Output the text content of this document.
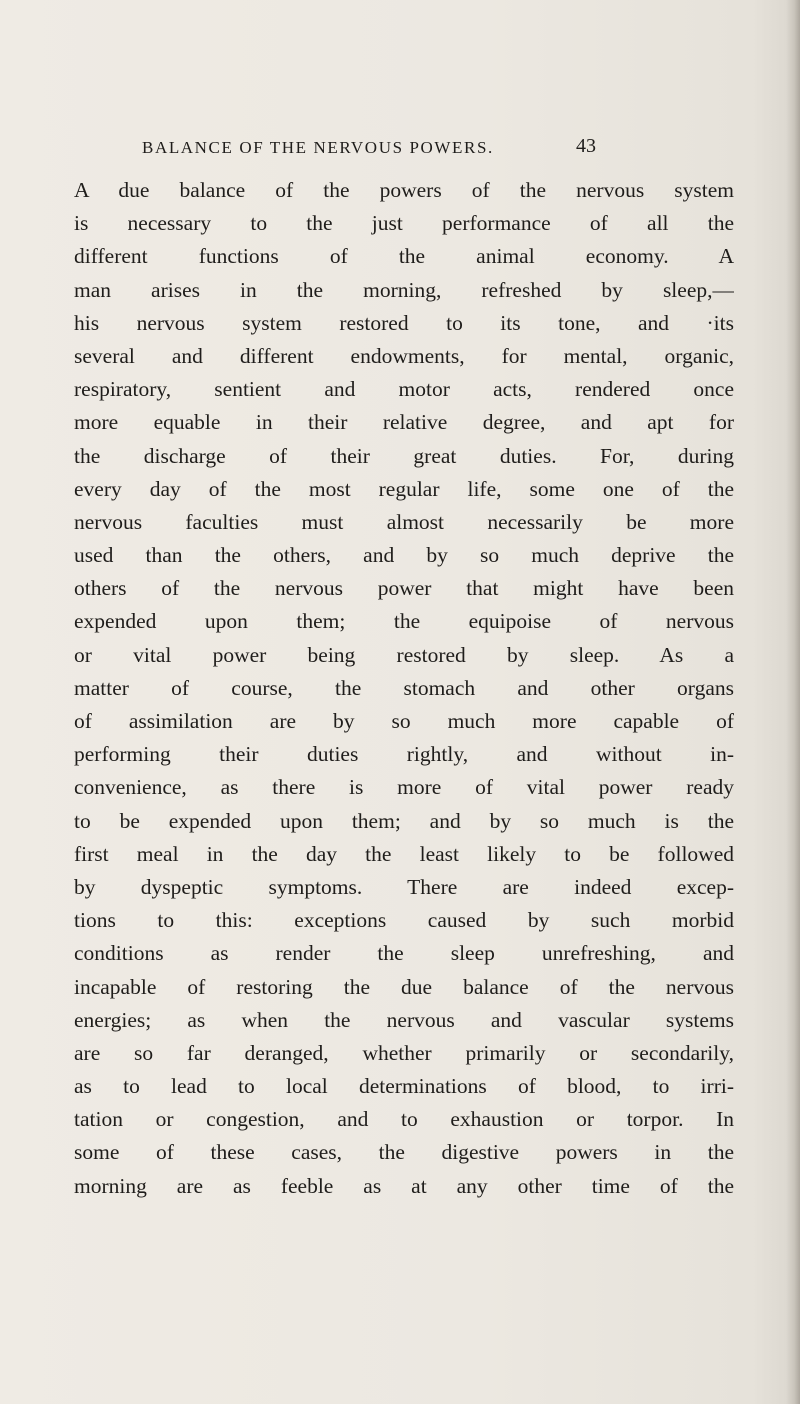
BALANCE OF THE NERVOUS POWERS.	43
A due balance of the powers of the nervous system
is necessary to the just performance of all the
different functions of the animal economy. A
man arises in the morning, refreshed by sleep,—
his nervous system restored to its tone, and ·its
several and different endowments, for mental, organic,
respiratory, sentient and motor acts, rendered once
more equable in their relative degree, and apt for
the discharge of their great duties. For, during
every day of the most regular life, some one of the
nervous faculties must almost necessarily be more
used than the others, and by so much deprive the
others of the nervous power that might have been
expended upon them; the equipoise of nervous
or vital power being restored by sleep. As a
matter of course, the stomach and other organs
of assimilation are by so much more capable of
performing their duties rightly, and without in-
convenience, as there is more of vital power ready
to be expended upon them; and by so much is the
first meal in the day the least likely to be followed
by dyspeptic symptoms. There are indeed excep-
tions to this: exceptions caused by such morbid
conditions as render the sleep unrefreshing, and
incapable of restoring the due balance of the nervous
energies; as when the nervous and vascular systems
are so far deranged, whether primarily or secondarily,
as to lead to local determinations of blood, to irri-
tation or congestion, and to exhaustion or torpor. In
some of these cases, the digestive powers in the
morning are as feeble as at any other time of the
